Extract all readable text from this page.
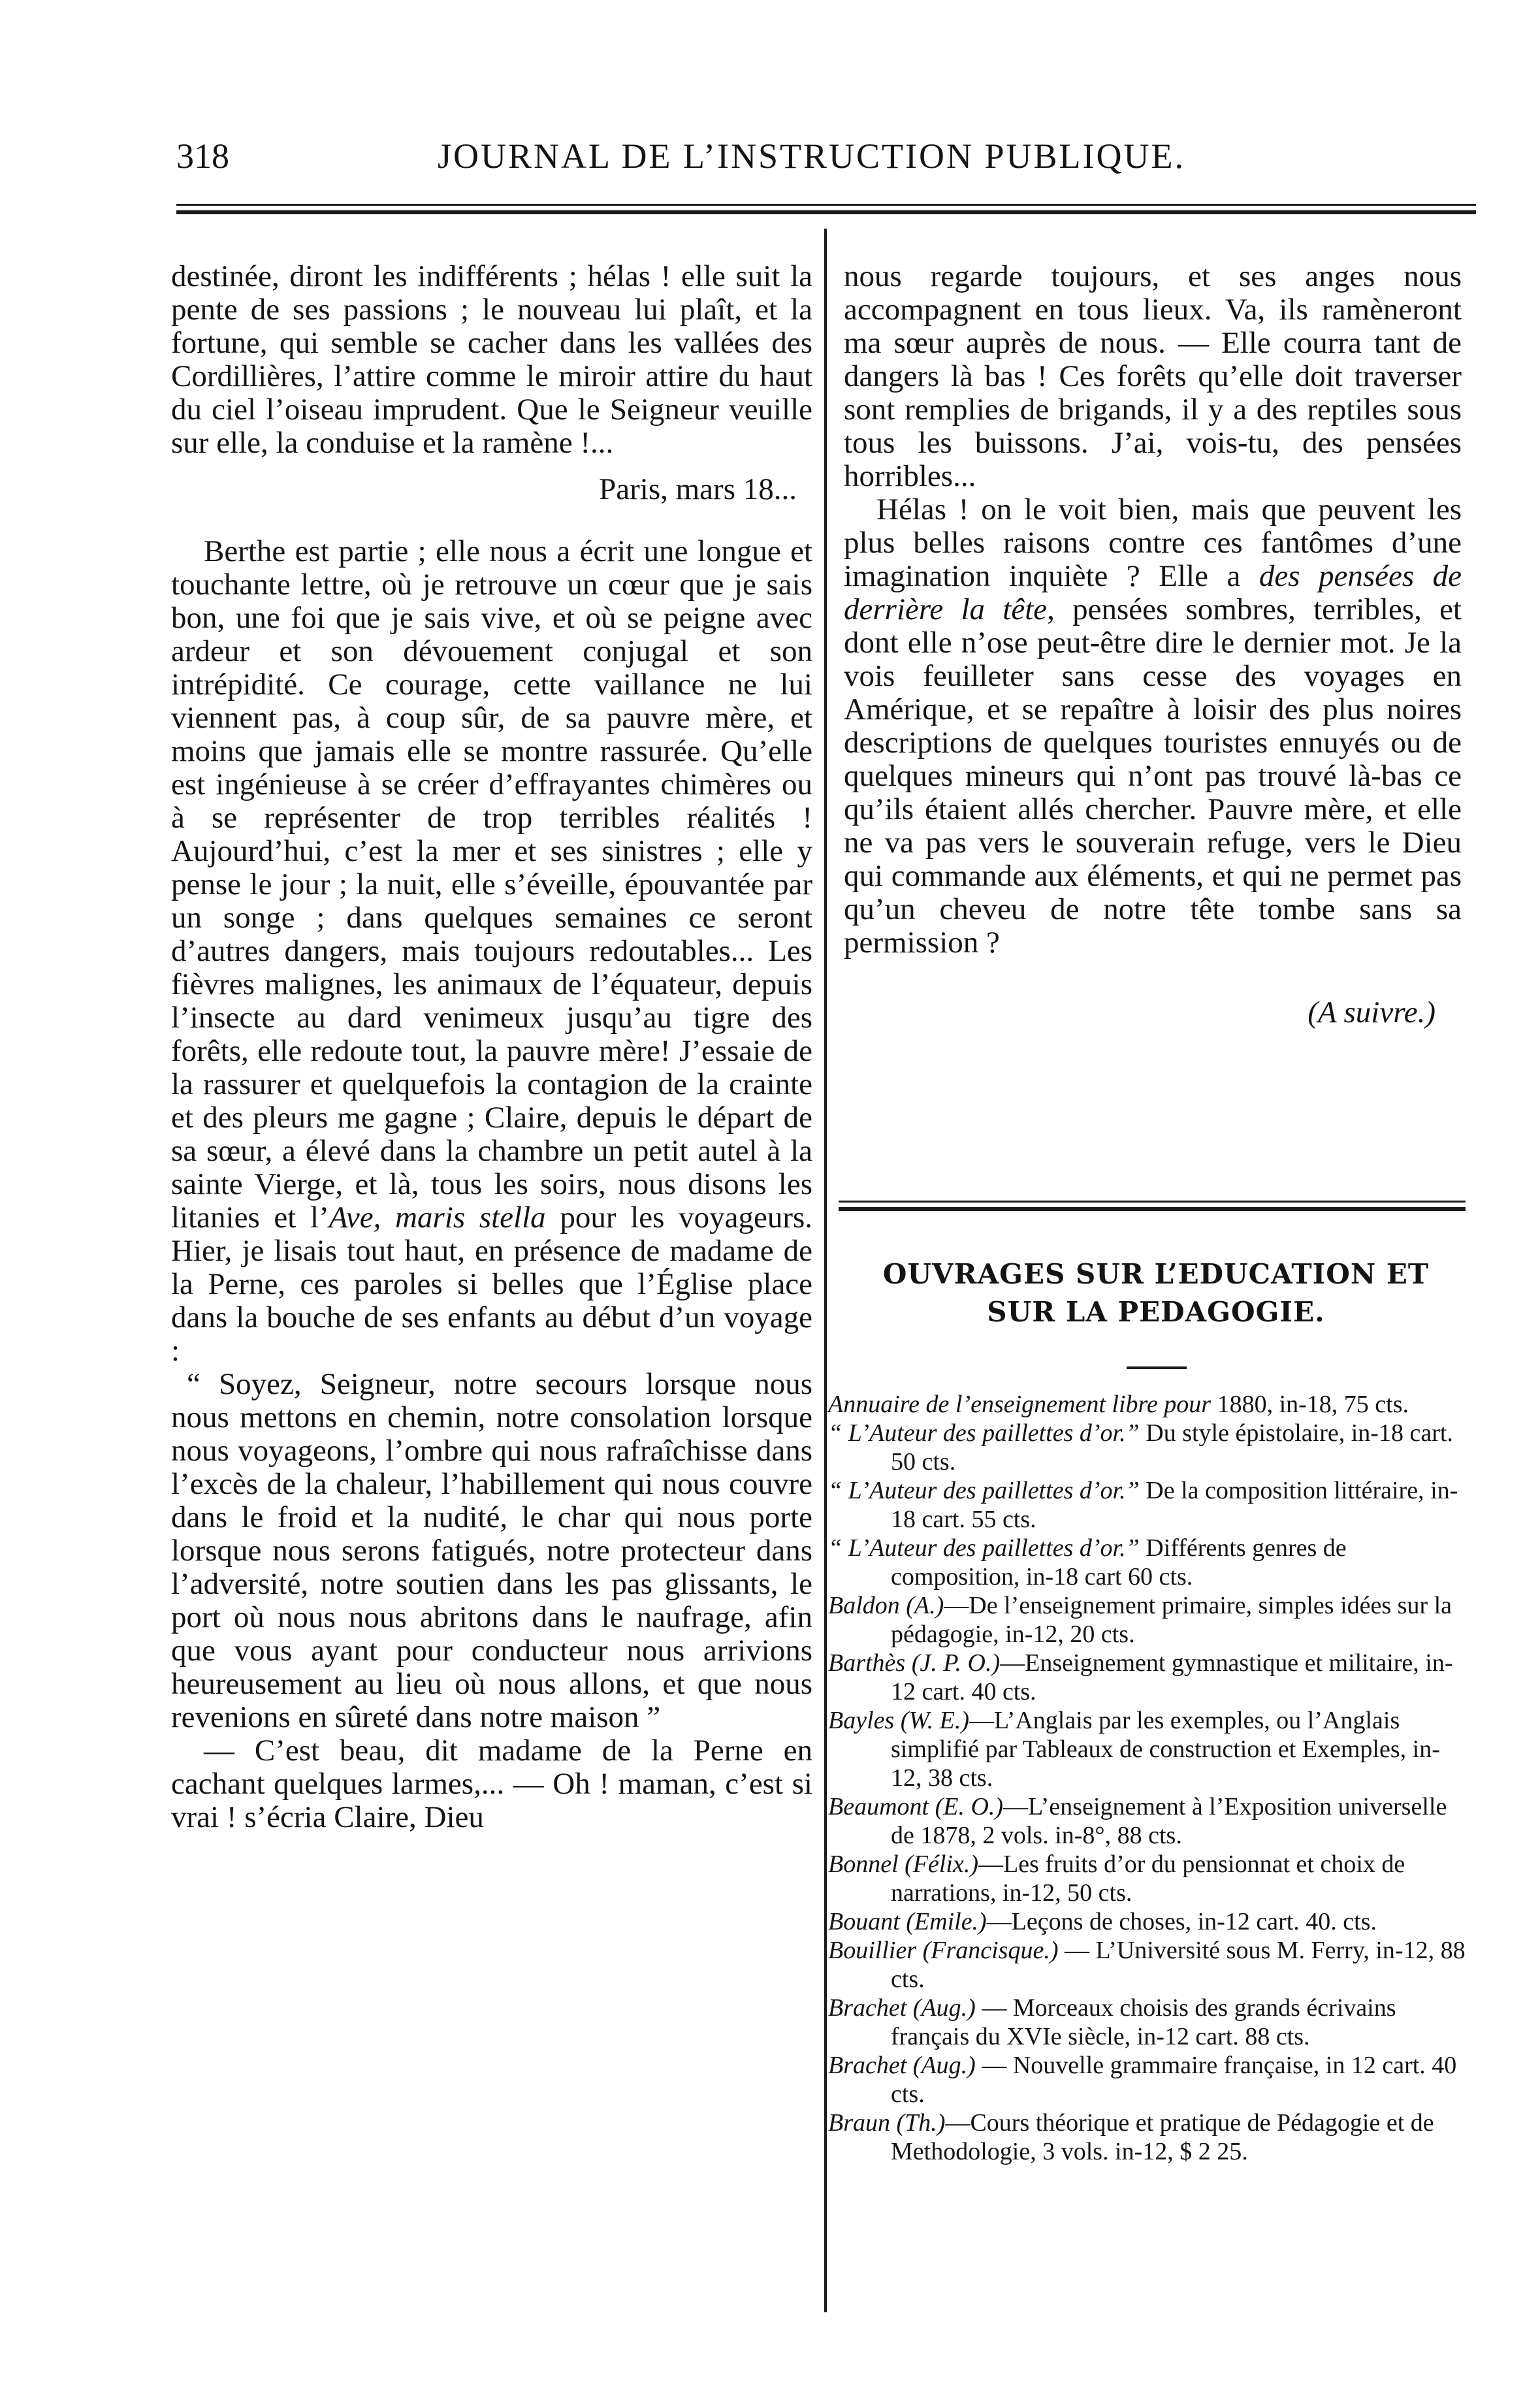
318	JOURNAL DE L’INSTRUCTION PUBLIQUE.

destinée, diront les indifférents ; hélas ! elle suit la pente de ses passions ; le nouveau lui plaît, et la fortune, qui semble se cacher dans les vallées des Cordillières, l’attire comme le miroir attire du haut du ciel l’oiseau imprudent. Que le Seigneur veuille sur elle, la conduise et la ramène !...

Paris, mars 18...

Berthe est partie ; elle nous a écrit une longue et touchante lettre, où je retrouve un cœur que je sais bon, une foi que je sais vive, et où se peigne avec ardeur et son dévouement conjugal et son intrépidité. Ce courage, cette vaillance ne lui viennent pas, à coup sûr, de sa pauvre mère, et moins que jamais elle se montre rassurée. Qu’elle est ingénieuse à se créer d’effrayantes chimères ou à se représenter de trop terribles réalités ! Aujourd’hui, c’est la mer et ses sinistres ; elle y pense le jour ; la nuit, elle s’éveille, épouvantée par un songe ; dans quelques semaines ce seront d’autres dangers, mais toujours redoutables... Les fièvres malignes, les animaux de l’équateur, depuis l’insecte au dard venimeux jusqu’au tigre des forêts, elle redoute tout, la pauvre mère! J’essaie de la rassurer et quelquefois la contagion de la crainte et des pleurs me gagne ; Claire, depuis le départ de sa sœur, a élevé dans la chambre un petit autel à la sainte Vierge, et là, tous les soirs, nous disons les litanies et l’Ave, maris stella pour les voyageurs. Hier, je lisais tout haut, en présence de madame de la Perne, ces paroles si belles que l’Église place dans la bouche de ses enfants au début d’un voyage :

“ Soyez, Seigneur, notre secours lorsque nous nous mettons en chemin, notre consolation lorsque nous voyageons, l’ombre qui nous rafraîchisse dans l’excès de la chaleur, l’habillement qui nous couvre dans le froid et la nudité, le char qui nous porte lorsque nous serons fatigués, notre protecteur dans l’adversité, notre soutien dans les pas glissants, le port où nous nous abritons dans le naufrage, afin que vous ayant pour conducteur nous arrivions heureusement au lieu où nous allons, et que nous revenions en sûreté dans notre maison ”

— C’est beau, dit madame de la Perne en cachant quelques larmes,... — Oh ! maman, c’est si vrai ! s’écria Claire, Dieu

nous regarde toujours, et ses anges nous accompagnent en tous lieux. Va, ils ramèneront ma sœur auprès de nous. — Elle courra tant de dangers là bas ! Ces forêts qu’elle doit traverser sont remplies de brigands, il y a des reptiles sous tous les buissons. J’ai, vois-tu, des pensées horribles...

Hélas ! on le voit bien, mais que peuvent les plus belles raisons contre ces fantômes d’une imagination inquiète ? Elle a des pensées de derrière la tête, pensées sombres, terribles, et dont elle n’ose peut-être dire le dernier mot. Je la vois feuilleter sans cesse des voyages en Amérique, et se repaître à loisir des plus noires descriptions de quelques touristes ennuyés ou de quelques mineurs qui n’ont pas trouvé là-bas ce qu’ils étaient allés chercher. Pauvre mère, et elle ne va pas vers le souverain refuge, vers le Dieu qui commande aux éléments, et qui ne permet pas qu’un cheveu de notre tête tombe sans sa permission ?

(A suivre.)

OUVRAGES SUR L’EDUCATION ET
SUR LA PEDAGOGIE.

Annuaire de l’enseignement libre pour 1880, in-18, 75 cts.

“ L’Auteur des paillettes d’or.” Du style épistolaire, in-18 cart. 50 cts.

“ L’Auteur des paillettes d’or.” De la composition littéraire, in-18 cart. 55 cts.

“ L’Auteur des paillettes d’or.” Différents genres de composition, in-18 cart 60 cts.

Baldon (A.)—De l’enseignement primaire, simples idées sur la pédagogie, in-12, 20 cts.

Barthès (J. P. O.)—Enseignement gymnastique et militaire, in-12 cart. 40 cts.

Bayles (W. E.)—L’Anglais par les exemples, ou l’Anglais simplifié par Tableaux de construction et Exemples, in-12, 38 cts.

Beaumont (E. O.)—L’enseignement à l’Exposition universelle de 1878, 2 vols. in-8°, 88 cts.

Bonnel (Félix.)—Les fruits d’or du pensionnat et choix de narrations, in-12, 50 cts.

Bouant (Emile.)—Leçons de choses, in-12 cart. 40. cts.

Bouillier (Francisque.) — L’Université sous M. Ferry, in-12, 88 cts.

Brachet (Aug.) — Morceaux choisis des grands écrivains français du XVIe siècle, in-12 cart. 88 cts.

Brachet (Aug.) — Nouvelle grammaire française, in 12 cart. 40 cts.

Braun (Th.)—Cours théorique et pratique de Pédagogie et de Methodologie, 3 vols. in-12, $ 2 25.
